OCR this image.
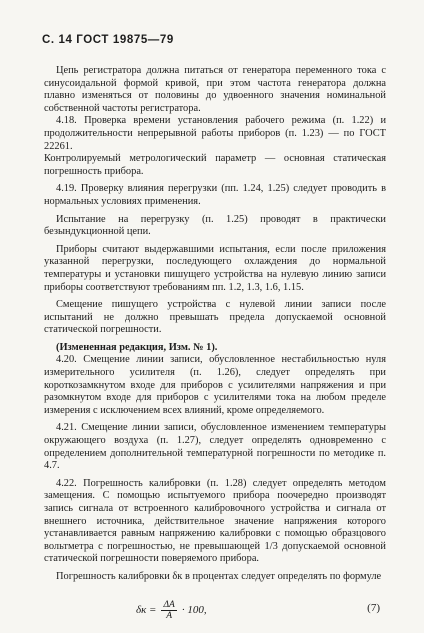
С. 14 ГОСТ 19875—79

Цепь регистратора должна питаться от генератора переменного тока с синусоидальной формой кривой, при этом частота генератора должна плавно изменяться от половины до удвоенного значения номинальной собственной частоты регистратора.

4.18. Проверка времени установления рабочего режима (п. 1.22) и продолжительности непрерывной работы приборов (п. 1.23) — по ГОСТ 22261.

Контролируемый метрологический параметр — основная статическая погрешность прибора.

4.19. Проверку влияния перегрузки (пп. 1.24, 1.25) следует проводить в нормальных условиях применения.

Испытание на перегрузку (п. 1.25) проводят в практически безындукционной цепи.

Приборы считают выдержавшими испытания, если после приложения указанной перегрузки, последующего охлаждения до нормальной температуры и установки пишущего устройства на нулевую линию записи приборы соответствуют требованиям пп. 1.2, 1.3, 1.6, 1.15.

Смещение пишущего устройства с нулевой линии записи после испытаний не должно превышать предела допускаемой основной статической погрешности.

(Измененная редакция, Изм. № 1).

4.20. Смещение линии записи, обусловленное нестабильностью нуля измерительного усилителя (п. 1.26), следует определять при короткозамкнутом входе для приборов с усилителями напряжения и при разомкнутом входе для приборов с усилителями тока на любом пределе измерения с исключением всех влияний, кроме определяемого.

4.21. Смещение линии записи, обусловленное изменением температуры окружающего воздуха (п. 1.27), следует определять одновременно с определением дополнительной температурной погрешности по методике п. 4.7.

4.22. Погрешность калибровки (п. 1.28) следует определять методом замещения. С помощью испытуемого прибора поочередно производят запись сигнала от встроенного калибровочного устройства и сигнала от внешнего источника, действительное значение напряжения которого устанавливается равным напряжению калибровки с помощью образцового вольтметра с погрешностью, не превышающей 1/3 допускаемой основной статической погрешности поверяемого прибора.

Погрешность калибровки δк в процентах следует определять по формуле

$\delta к = \frac{\Delta A}{A} \cdot 100$,	(7)
